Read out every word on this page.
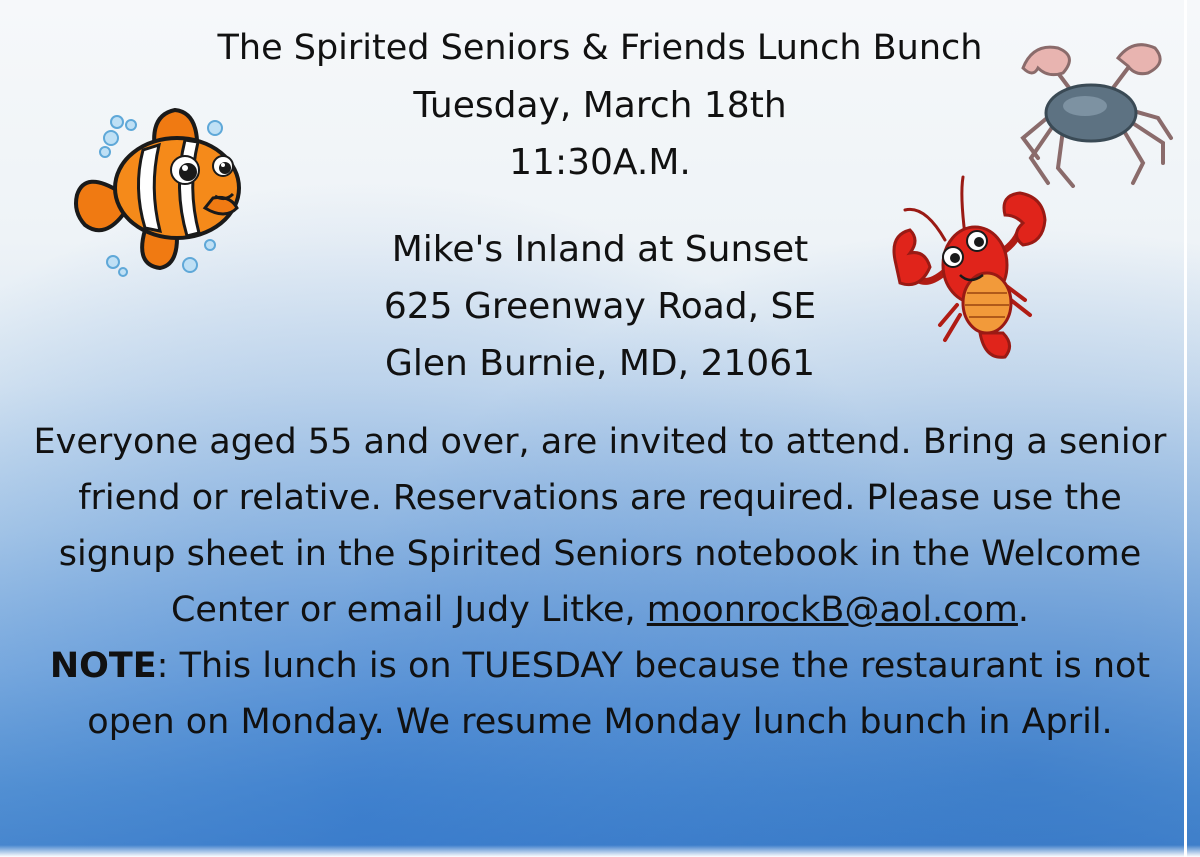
The Spirited Seniors & Friends Lunch Bunch
Tuesday, March 18th
11:30A.M.
Mike's Inland at Sunset
625 Greenway Road, SE
Glen Burnie, MD, 21061
Everyone aged 55 and over, are invited to attend. Bring a senior
friend or relative. Reservations are required. Please use the
signup sheet in the Spirited Seniors notebook in the Welcome
Center or email Judy Litke, moonrockB@aol.com.
NOTE: This lunch is on TUESDAY because the restaurant is not
open on Monday. We resume Monday lunch bunch in April.
